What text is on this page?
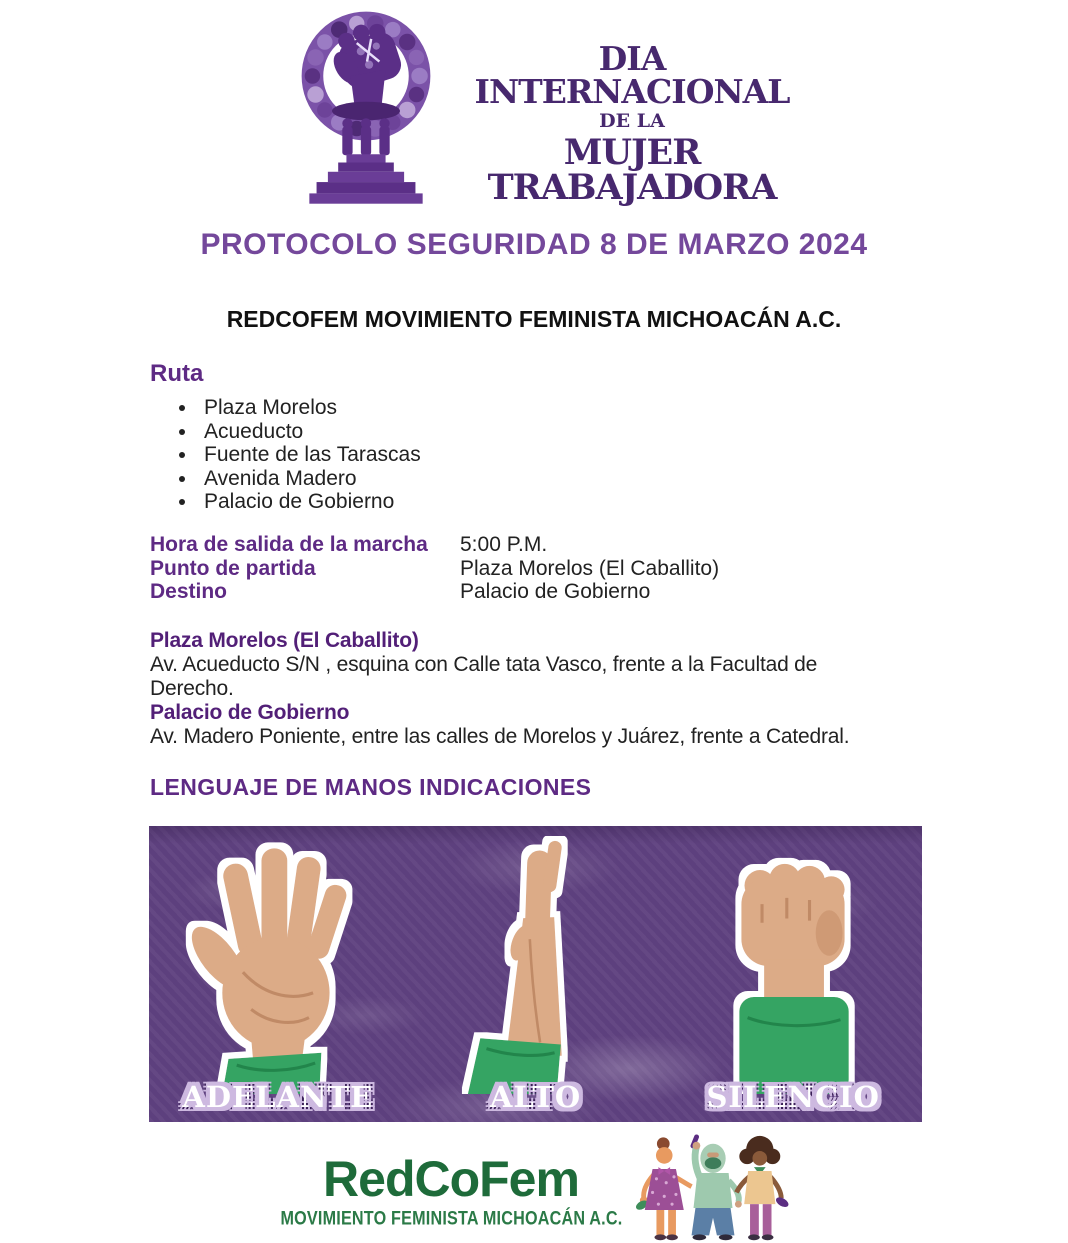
DIA INTERNACIONAL
DE LA
MUJER TRABAJADORA
PROTOCOLO SEGURIDAD 8 DE MARZO 2024
REDCOFEM MOVIMIENTO FEMINISTA MICHOACÁN A.C.
Ruta
• Plaza Morelos
• Acueducto
• Fuente de las Tarascas
• Avenida Madero
• Palacio de Gobierno
Hora de salida de la marcha	5:00 P.M.
Punto de partida	Plaza Morelos (El Caballito)
Destino	Palacio de Gobierno
Plaza Morelos (El Caballito)
Av. Acueducto S/N , esquina con Calle tata Vasco, frente a la Facultad de Derecho.
Palacio de Gobierno
Av. Madero Poniente, entre las calles de Morelos y Juárez, frente a Catedral.
LENGUAJE DE MANOS INDICACIONES
ADELANTE	ALTO	SILENCIO
RedCoFem
MOVIMIENTO FEMINISTA MICHOACÁN A.C.
